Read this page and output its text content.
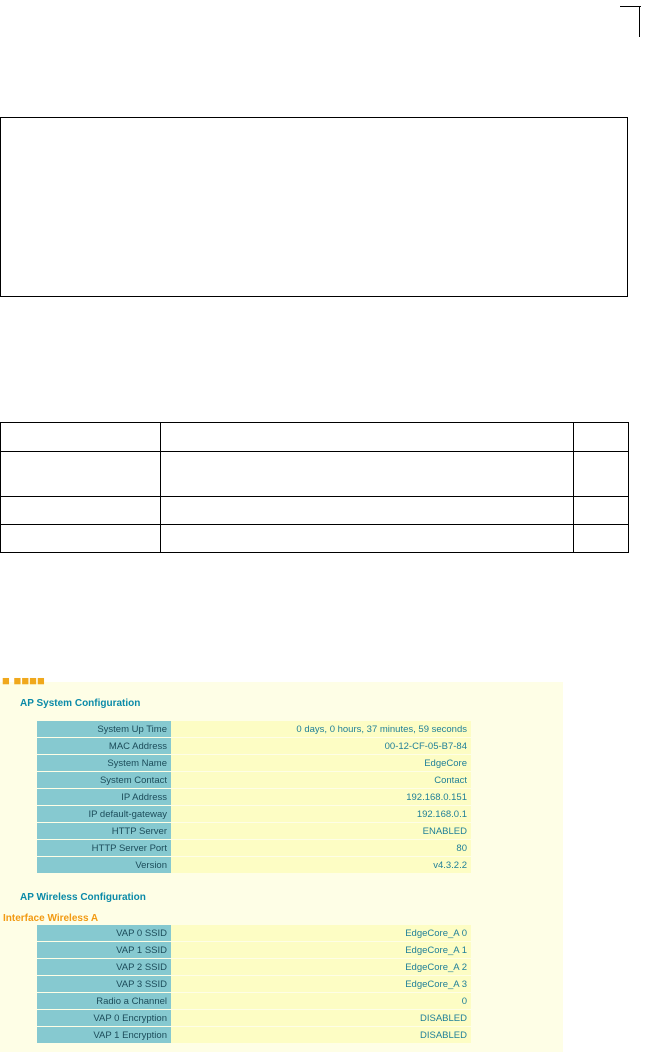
■ ■■■■
AP System Configuration
System Up Time	0 days, 0 hours, 37 minutes, 59 seconds
MAC Address	00-12-CF-05-B7-84
System Name	EdgeCore
System Contact	Contact
IP Address	192.168.0.151
IP default-gateway	192.168.0.1
HTTP Server	ENABLED
HTTP Server Port	80
Version	v4.3.2.2
AP Wireless Configuration
Interface Wireless A
VAP 0 SSID	EdgeCore_A 0
VAP 1 SSID	EdgeCore_A 1
VAP 2 SSID	EdgeCore_A 2
VAP 3 SSID	EdgeCore_A 3
Radio a Channel	0
VAP 0 Encryption	DISABLED
VAP 1 Encryption	DISABLED
